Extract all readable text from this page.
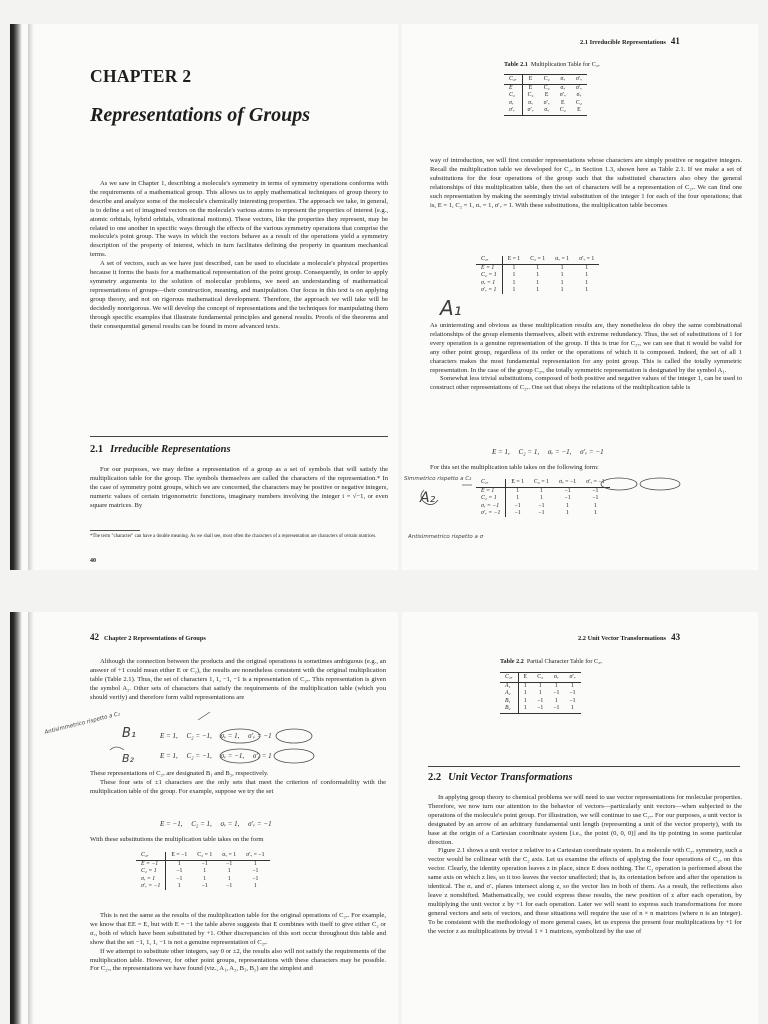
CHAPTER 2
Representations of Groups

As we saw in Chapter 1, describing a molecule's symmetry in terms of symmetry operations conforms with the requirements of a mathematical group. This allows us to apply mathematical techniques of group theory to describe and analyze some of the molecule's chemically interesting properties. The approach we take, in general, is to define a set of imagined vectors on the molecule's various atoms to represent the properties of interest (e.g., atomic orbitals, hybrid orbitals, vibrational motions). These vectors, like the properties they represent, may be related to one another in specific ways through the effects of the various symmetry operations that comprise the molecule's point group. The ways in which the vectors behave as a result of the operations yield a symmetry description of the property of interest, which in turn facilitates defining the property in quantum mechanical terms.

A set of vectors, such as we have just described, can be used to elucidate a molecule's physical properties because it forms the basis for a mathematical representation of the point group. Consequently, in order to apply symmetry arguments to the solution of molecular problems, we need an understanding of mathematical representations of groups—their construction, meaning, and manipulation. Our focus in this text is on applying group theory, and not on rigorous mathematical development. Therefore, the approach we will take will be decidedly nonrigorous. We will develop the concept of representations and the techniques for manipulating them through specific examples that illustrate fundamental principles and general results. Proofs of the theorems and their consequential general results can be found in more advanced texts.

2.1 Irreducible Representations

For our purposes, we may define a representation of a group as a set of symbols that will satisfy the multiplication table for the group. The symbols themselves are called the characters of the representation.* In the case of symmetry point groups, which we are concerned, the characters may be positive or negative integers, numeric values of certain trigonometric functions, imaginary numbers involving the integer i = √−1, or even square matrices. By

*The term "character" can have a double meaning. As we shall see, most often the characters of a representation are characters of certain matrices.

40
2.1 Irreducible Representations 41

Table 2.1 Multiplication Table for C₂ᵥ

C₂ᵥ	E	C₂	σᵥ	σ′ᵥ
E	E	C₂	σᵥ	σ′ᵥ
C₂	C₂	E	σ′ᵥ	σᵥ
σᵥ	σᵥ	σ′ᵥ	E	C₂
σ′ᵥ	σ′ᵥ	σᵥ	C₂	E

way of introduction, we will first consider representations whose characters are simply positive or negative integers. Recall the multiplication table we developed for C₂ᵥ in Section 1.3, shown here as Table 2.1. If we make a set of substitutions for the four operations of the group such that the substituted characters also obey the general relationships of this multiplication table, then the set of characters will be a representation of C₂ᵥ. We can find one such representation by making the seemingly trivial substitution of the integer 1 for each of the four operations; that is, E = 1, C₂ = 1, σᵥ = 1, σ′ᵥ = 1. With these substitutions, the multiplication table becomes

C₂ᵥ	E = 1	C₂ = 1	σᵥ = 1	σ′ᵥ = 1
E = 1	1	1	1	1
C₂ = 1	1	1	1	1
σᵥ = 1	1	1	1	1
σ′ᵥ = 1	1	1	1	1
A₁

As uninteresting and obvious as these multiplication results are, they nonetheless do obey the same combinational relationships of the group elements themselves, albeit with extreme redundancy. Thus, the set of substitutions of 1 for every operation is a genuine representation of the group. If this is true for C₂ᵥ, we can see that it would be valid for any other point group, regardless of its order or the operations of which it is composed. Indeed, the set of all 1 characters makes the most fundamental representation for any point group. This is called the totally symmetric representation. In the case of the group C₂ᵥ, the totally symmetric representation is designated by the symbol A₁.

Somewhat less trivial substitutions, composed of both positive and negative values of the integer 1, can be used to construct other representations of C₂ᵥ. One set that obeys the relations of the multiplication table is

E = 1,     C₂ = 1,     σᵥ = −1,     σ′ᵥ = −1

For this set the multiplication table takes on the following form:

C₂ᵥ	E = 1	C₂ = 1	σᵥ = −1	σ′ᵥ = −1
E = 1	1	1	−1	−1
C₂ = 1	1	1	−1	−1
σᵥ = −1	−1	−1	1	1
σ′ᵥ = −1	−1	−1	1	1
Simmetrico rispetto a C₂
A₂
Antisimmetrico rispetto a σ
42 Chapter 2 Representations of Groups

Although the connection between the products and the original operations is sometimes ambiguous (e.g., an answer of +1 could mean either E or C₂), the results are nonetheless consistent with the original multiplication table (Table 2.1). Thus, the set of characters 1, 1, −1, −1 is a representation of C₂ᵥ. This representation is given the symbol A₂. Other sets of characters that satisfy the requirements of the multiplication table (which you should verify) and therefore form valid representations are

E = 1,     C₂ = −1,     σᵥ = 1,     σ′ᵥ = −1

E = 1,     C₂ = −1,     σᵥ = −1,     σ′ᵥ = 1

B₁
B₂
Antisimmetrico rispetto a C₂

These representations of C₂ᵥ are designated B₁ and B₂, respectively.

These four sets of ±1 characters are the only sets that meet the criterion of conformability with the multiplication table of the group. For example, suppose we try the set

E = −1,     C₂ = 1,     σᵥ = 1,     σ′ᵥ = −1

With these substitutions the multiplication table takes on the form

C₂ᵥ	E = −1	C₂ = 1	σᵥ = 1	σ′ᵥ = −1
E = −1	1	−1	−1	1
C₂ = 1	−1	1	1	−1
σᵥ = 1	−1	1	1	−1
σ′ᵥ = −1	1	−1	−1	1

This is not the same as the results of the multiplication table for the original operations of C₂ᵥ. For example, we know that EE = E, but with E = −1 the table above suggests that E combines with itself to give either C₂ or σᵥ, both of which have been substituted by +1. Other discrepancies of this sort occur throughout this table and show that the set −1, 1, 1, −1 is not a genuine representation of C₂ᵥ.

If we attempt to substitute other integers, say 0 or ±2, the results also will not satisfy the requirements of the multiplication table. However, for other point groups, representations with these characters may be possible. For C₂ᵥ, the representations we have found (viz., A₁, A₂, B₁, B₂) are the simplest and

2.2 Unit Vector Transformations 43

Table 2.2 Partial Character Table for C₂ᵥ

C₂ᵥ	E	C₂	σᵥ	σ′ᵥ
A₁	1	1	1	1
A₂	1	1	−1	−1
B₁	1	−1	1	−1
B₂	1	−1	−1	1
2.2 Unit Vector Transformations

In applying group theory to chemical problems we will need to use vector representations for molecular properties. Therefore, we now turn our attention to the behavior of vectors—particularly unit vectors—when subjected to the operations of the molecule's point group. For illustration, we will continue to use C₂ᵥ. For our purposes, a unit vector is designated by an arrow of an arbitrary fundamental unit length (representing a unit of the vector property), with its base at the origin of a Cartesian coordinate system [i.e., the point (0, 0, 0)] and its tip pointing in some particular direction.

Figure 2.1 shows a unit vector z relative to a Cartesian coordinate system. In a molecule with C₂ᵥ symmetry, such a vector would be collinear with the C₂ axis. Let us examine the effects of applying the four operations of C₂ᵥ on this vector. Clearly, the identity operation leaves z in place, since E does nothing. The C₂ operation is performed about the same axis on which z lies, so it too leaves the vector unaffected; that is, its orientation before and after the operation is identical. The σᵥ and σ′ᵥ planes intersect along z, so the vector lies in both of them. As a result, the reflections also leave z nonshifted. Mathematically, we could express these results, the new position of z after each operation, by multiplying the unit vector z by +1 for each operation. Later we will want to express such transformations for more general vectors and sets of vectors, and these situations will require the use of n × n matrices (where n is an integer). To be consistent with the methodology of more general cases, let us express the present four multiplications by +1 for the vector z as multiplications by trivial 1 × 1 matrices, symbolized by the use of
